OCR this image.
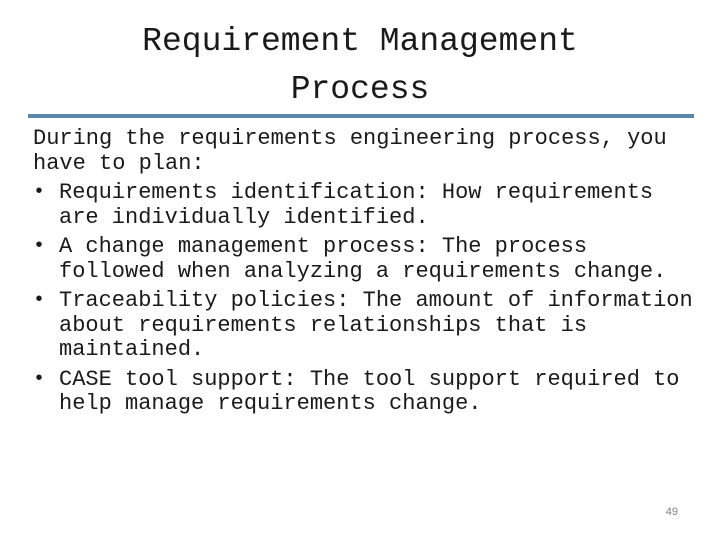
Requirement Management
Process

During the requirements engineering process, you have to plan:

• Requirements identification: How requirements are individually identified.
• A change management process: The process followed when analyzing a requirements change.
• Traceability policies: The amount of information about requirements relationships that is maintained.
• CASE tool support: The tool support required to help manage requirements change.
49
